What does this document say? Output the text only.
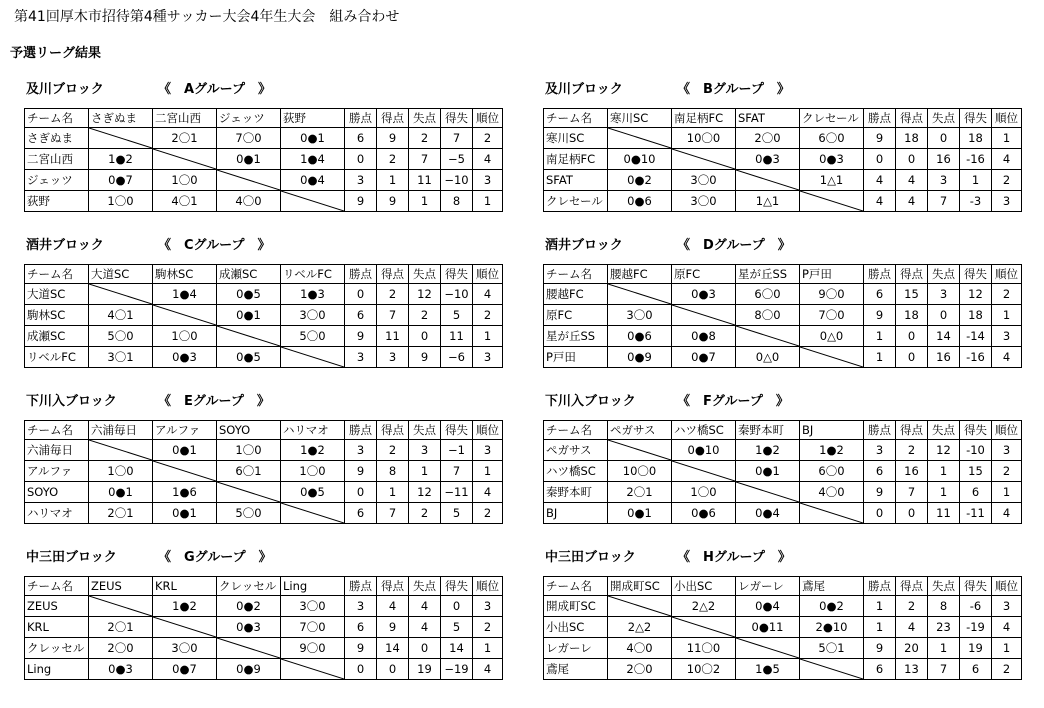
第41回厚木市招待第4種サッカー大会4年生大会　組み合わせ
予選リーグ結果
及川ブロック	《　Aグループ　》
チーム名	さぎぬま	二宮山西	ジェッツ	荻野	勝点	得点	失点	得失	順位
さぎぬま		2〇1	7〇0	0●1	6	9	2	7	2
二宮山西	1●2		0●1	1●4	0	2	7	−5	4
ジェッツ	0●7	1〇0		0●4	3	1	11	−10	3
荻野	1〇0	4〇1	4〇0		9	9	1	8	1
及川ブロック	《　Bグループ　》
チーム名	寒川SC	南足柄FC	SFAT	クレセール	勝点	得点	失点	得失	順位
寒川SC		10〇0	2〇0	6〇0	9	18	0	18	1
南足柄FC	0●10		0●3	0●3	0	0	16	-16	4
SFAT	0●2	3〇0		1△1	4	4	3	1	2
クレセール	0●6	3〇0	1△1		4	4	7	-3	3
酒井ブロック	《　Cグループ　》
チーム名	大道SC	駒林SC	成瀬SC	リベルFC	勝点	得点	失点	得失	順位
大道SC		1●4	0●5	1●3	0	2	12	−10	4
駒林SC	4〇1		0●1	3〇0	6	7	2	5	2
成瀬SC	5〇0	1〇0		5〇0	9	11	0	11	1
リベルFC	3〇1	0●3	0●5		3	3	9	−6	3
酒井ブロック	《　Dグループ　》
チーム名	腰越FC	原FC	星が丘SS	P戸田	勝点	得点	失点	得失	順位
腰越FC		0●3	6〇0	9〇0	6	15	3	12	2
原FC	3〇0		8〇0	7〇0	9	18	0	18	1
星が丘SS	0●6	0●8		0△0	1	0	14	-14	3
P戸田	0●9	0●7	0△0		1	0	16	-16	4
下川入ブロック	《　Eグループ　》
チーム名	六浦毎日	アルファ	SOYO	ハリマオ	勝点	得点	失点	得失	順位
六浦毎日		0●1	1〇0	1●2	3	2	3	−1	3
アルファ	1〇0		6〇1	1〇0	9	8	1	7	1
SOYO	0●1	1●6		0●5	0	1	12	−11	4
ハリマオ	2〇1	0●1	5〇0		6	7	2	5	2
下川入ブロック	《　Fグループ　》
チーム名	ペガサス	ハツ橋SC	秦野本町	BJ	勝点	得点	失点	得失	順位
ペガサス		0●10	1●2	1●2	3	2	12	-10	3
ハツ橋SC	10〇0		0●1	6〇0	6	16	1	15	2
秦野本町	2〇1	1〇0		4〇0	9	7	1	6	1
BJ	0●1	0●6	0●4		0	0	11	-11	4
中三田ブロック	《　Gグループ　》
チーム名	ZEUS	KRL	クレッセル	Ling	勝点	得点	失点	得失	順位
ZEUS		1●2	0●2	3〇0	3	4	4	0	3
KRL	2〇1		0●3	7〇0	6	9	4	5	2
クレッセル	2〇0	3〇0		9〇0	9	14	0	14	1
Ling	0●3	0●7	0●9		0	0	19	−19	4
中三田ブロック	《　Hグループ　》
チーム名	開成町SC	小出SC	レガーレ	鳶尾	勝点	得点	失点	得失	順位
開成町SC		2△2	0●4	0●2	1	2	8	-6	3
小出SC	2△2		0●11	2●10	1	4	23	-19	4
レガーレ	4〇0	11〇0		5〇1	9	20	1	19	1
鳶尾	2〇0	10〇2	1●5		6	13	7	6	2
